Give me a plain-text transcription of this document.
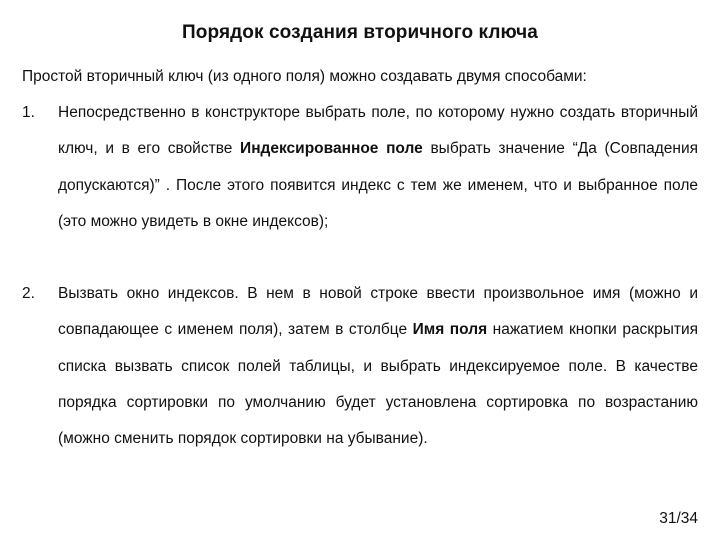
Порядок создания вторичного ключа
Простой вторичный ключ (из одного поля) можно создавать двумя способами:
1.	Непосредственно в конструкторе выбрать поле, по которому нужно создать вторичный ключ, и в его свойстве Индексированное поле выбрать значение “Да (Совпадения допускаются)” . После этого появится индекс с тем же именем, что и выбранное поле (это можно увидеть в окне индексов);
2.	Вызвать окно индексов. В нем в новой строке ввести произвольное имя (можно и совпадающее с именем поля), затем в столбце Имя поля нажатием кнопки раскрытия списка вызвать список полей таблицы, и выбрать индексируемое поле. В качестве порядка сортировки по умолчанию будет установлена сортировка по возрастанию (можно сменить порядок сортировки на убывание).
31/34
